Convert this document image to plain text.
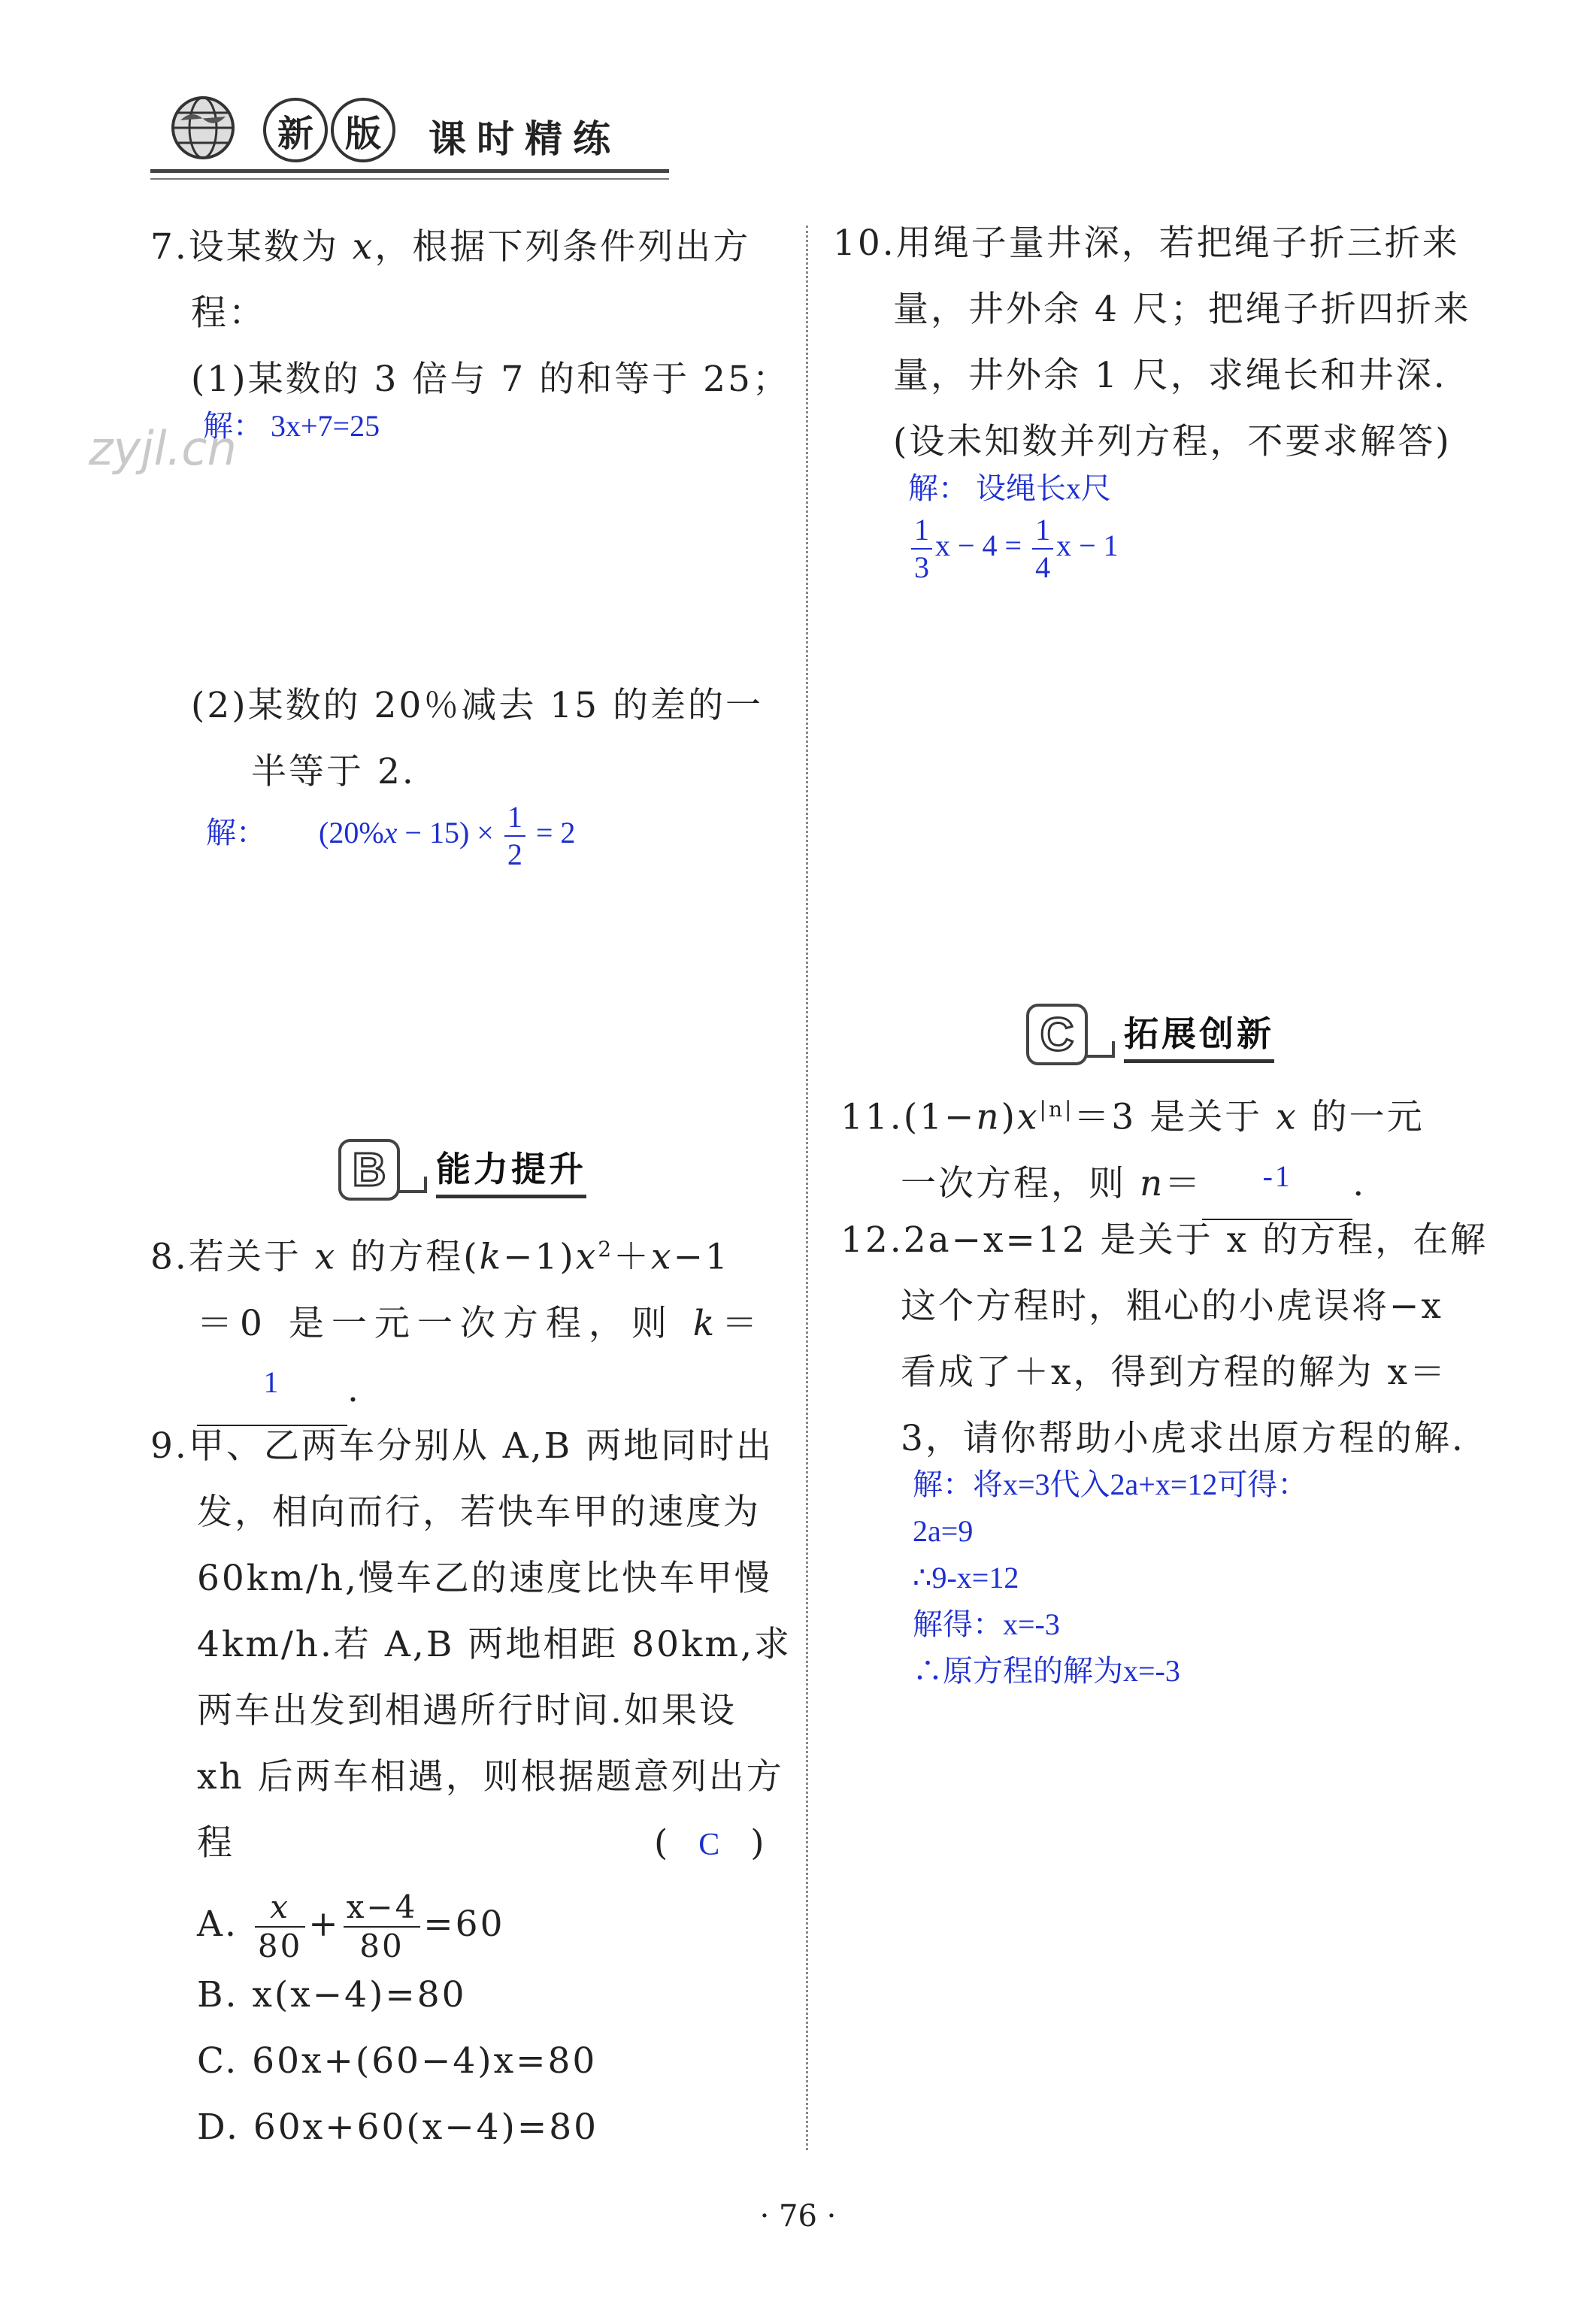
新 版 课时精练
zyjl.cn
7.设某数为 x，根据下列条件列出方
程：
(1)某数的 3 倍与 7 的和等于 25；
解： 3x+7=25
(2)某数的 20％减去 15 的差的一
半等于 2.
解： $(20\%x - 15) \times \frac{1}{2} = 2$
B	能力提升
8.若关于 x 的方程$(k-1)x^2+x-1$
＝0 是一元一次方程，则 k＝
1 .
9.甲、乙两车分别从 A,B 两地同时出
发，相向而行，若快车甲的速度为
60km/h,慢车乙的速度比快车甲慢
4km/h.若 A,B 两地相距 80km,求
两车出发到相遇所行时间.如果设
xh 后两车相遇，则根据题意列出方
程	( C )
A. $\frac{x}{80} + \frac{x-4}{80} =60$
B. x(x−4)=80
C. 60x+(60−4)x=80
D. 60x+60(x−4)=80
10.用绳子量井深，若把绳子折三折来
量，井外余 4 尺；把绳子折四折来
量，井外余 1 尺，求绳长和井深.
(设未知数并列方程，不要求解答)
解： 设绳长x尺
$\frac{1}{3}$ $x - 4 = \frac{1}{4}$ x − 1
C	拓展创新
$11.(1-n)x^{|n|}=3$ 是关于 x 的一元
一次方程，则 n＝ -1 .
12.2a−x=12 是关于 x 的方程，在解
这个方程时，粗心的小虎误将−x
看成了＋x，得到方程的解为 x＝
3，请你帮助小虎求出原方程的解.
解：将x=3代入2a+x=12可得：
2a=9
∴9-x=12
解得：x=-3
∴原方程的解为x=-3
· 76 ·
